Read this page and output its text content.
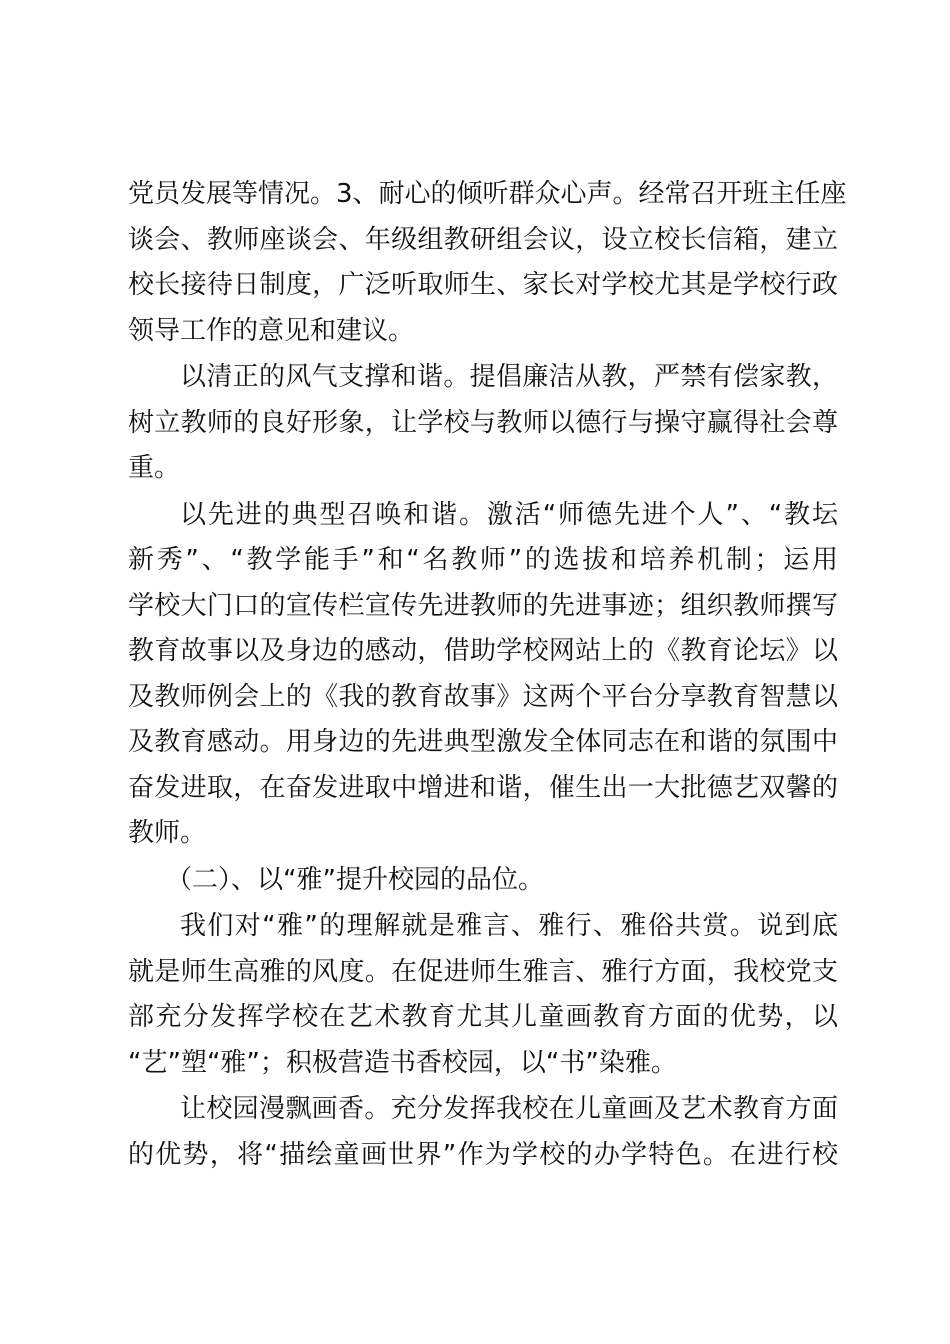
党员发展等情况。3、耐心的倾听群众心声。经常召开班主任座
谈会、教师座谈会、年级组教研组会议，设立校长信箱，建立
校长接待日制度，广泛听取师生、家长对学校尤其是学校行政
领导工作的意见和建议。
以清正的风气支撑和谐。提倡廉洁从教，严禁有偿家教，
树立教师的良好形象，让学校与教师以德行与操守赢得社会尊
重。
以先进的典型召唤和谐。激活“师德先进个人”、“教坛
新秀”、“教学能手”和“名教师”的选拔和培养机制；运用
学校大门口的宣传栏宣传先进教师的先进事迹；组织教师撰写
教育故事以及身边的感动，借助学校网站上的《教育论坛》以
及教师例会上的《我的教育故事》这两个平台分享教育智慧以
及教育感动。用身边的先进典型激发全体同志在和谐的氛围中
奋发进取，在奋发进取中增进和谐，催生出一大批德艺双馨的
教师。
（二）、以“雅”提升校园的品位。
我们对“雅”的理解就是雅言、雅行、雅俗共赏。说到底
就是师生高雅的风度。在促进师生雅言、雅行方面，我校党支
部充分发挥学校在艺术教育尤其儿童画教育方面的优势，以
“艺”塑“雅”；积极营造书香校园，以“书”染雅。
让校园漫飘画香。充分发挥我校在儿童画及艺术教育方面
的优势，将“描绘童画世界”作为学校的办学特色。在进行校
